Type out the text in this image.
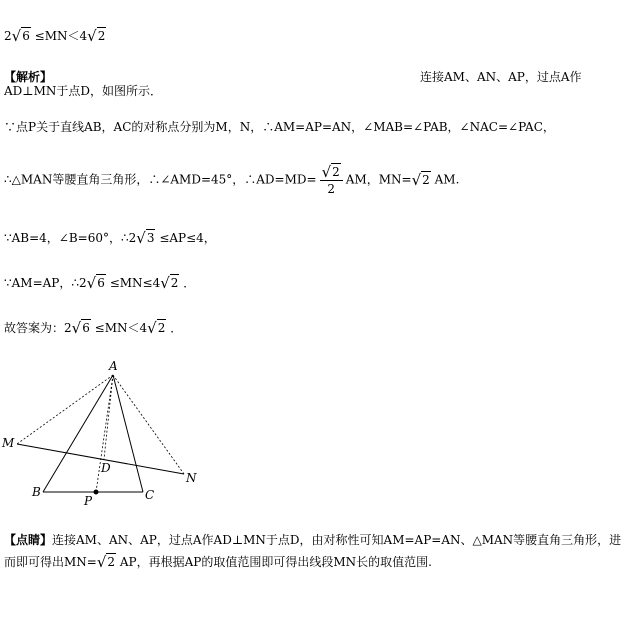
2√6 ≤MN＜4√2
【解析】	连接AM、AN、AP，过点A作
AD⊥MN于点D，如图所示．
∵点P关于直线AB，AC的对称点分别为M，N，∴AM=AP=AN，∠MAB=∠PAB，∠NAC=∠PAC，
∴△MAN等腰直角三角形，∴∠AMD=45°，∴AD=MD= $\frac{√2}{2}$ AM，MN=√2 AM.
∵AB=4，∠B=60°，∴2√3 ≤AP≤4，
∵AM=AP，∴2√6 ≤MN≤4√2 ．
故答案为：2√6 ≤MN＜4√2 ．
A
M
N
D
B
P	C
【点睛】连接AM、AN、AP，过点A作AD⊥MN于点D，由对称性可知AM=AP=AN、△MAN等腰直角三角形，进
而即可得出MN=√2 AP，再根据AP的取值范围即可得出线段MN长的取值范围.
